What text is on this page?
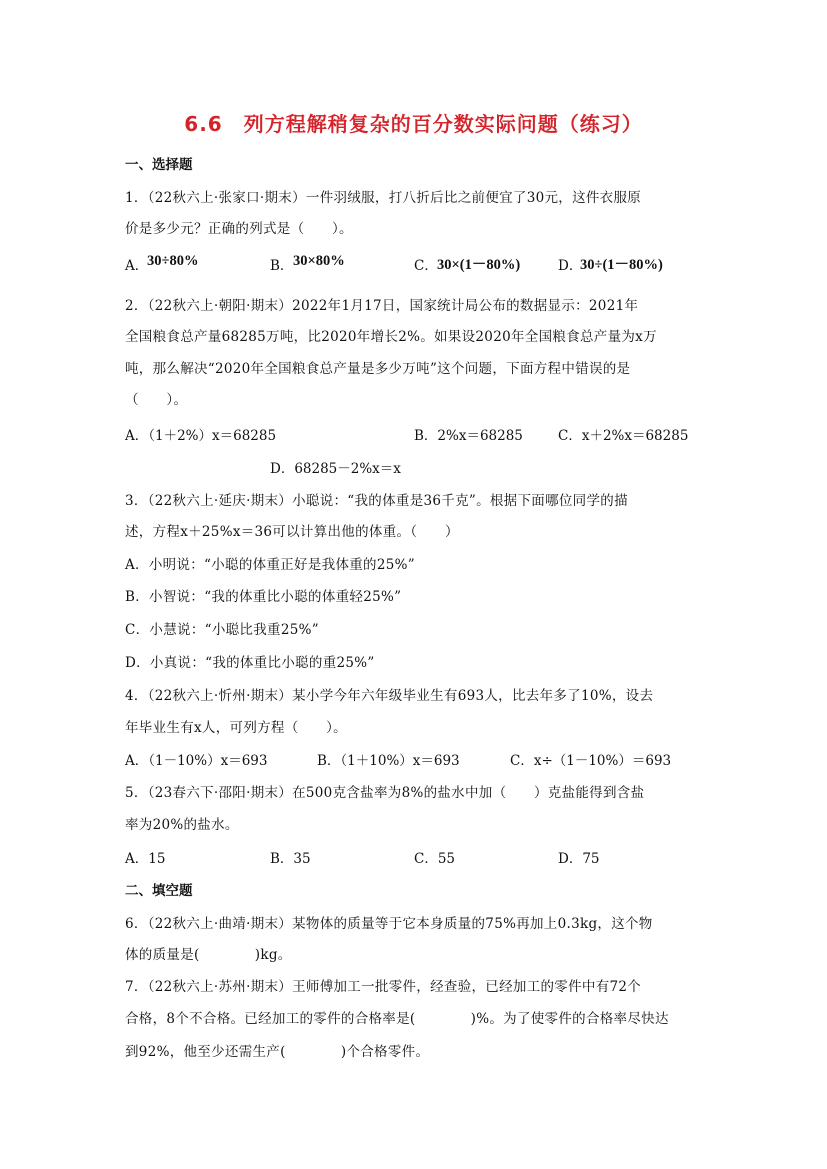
6.6　列方程解稍复杂的百分数实际问题（练习）
一、选择题
1．（22秋六上·张家口·期末）一件羽绒服，打八折后比之前便宜了30元，这件衣服原
价是多少元？正确的列式是（　　）。
A．
30÷80%	B． 30×80%	C． 30×(1－80%)	D．
30÷(1－80%)
2．（22秋六上·朝阳·期末）2022年1月17日，国家统计局公布的数据显示：2021年
全国粮食总产量68285万吨，比2020年增长2%。如果设2020年全国粮食总产量为x万
吨，那么解决“2020年全国粮食总产量是多少万吨”这个问题，下面方程中错误的是
（　　）。
A．（1＋2%）x＝68285	B．2%x＝68285	C．x＋2%x＝68285
D．68285－2%x＝x
3．（22秋六上·延庆·期末）小聪说：“我的体重是36千克”。根据下面哪位同学的描
述，方程x＋25%x＝36可以计算出他的体重。（　　）
A．小明说：“小聪的体重正好是我体重的25%”
B．小智说：“我的体重比小聪的体重轻25%”
C．小慧说：“小聪比我重25%”
D．小真说：“我的体重比小聪的重25%”
4．（22秋六上·忻州·期末）某小学今年六年级毕业生有693人，比去年多了10%，设去
年毕业生有x人，可列方程（　　）。
A．（1－10%）x＝693	B．（1＋10%）x＝693	C．x÷（1－10%）＝693
5．（23春六下·邵阳·期末）在500克含盐率为8%的盐水中加（　　）克盐能得到含盐
率为20%的盐水。
A．15	B．35	C．55	D．75
二、填空题
6．（22秋六上·曲靖·期末）某物体的质量等于它本身质量的75%再加上0.3kg，这个物
体的质量是(　　　　)kg。
7．（22秋六上·苏州·期末）王师傅加工一批零件，经查验，已经加工的零件中有72个
合格，8个不合格。已经加工的零件的合格率是(　　　　)%。为了使零件的合格率尽快达
到92%，他至少还需生产(　　　　)个合格零件。
